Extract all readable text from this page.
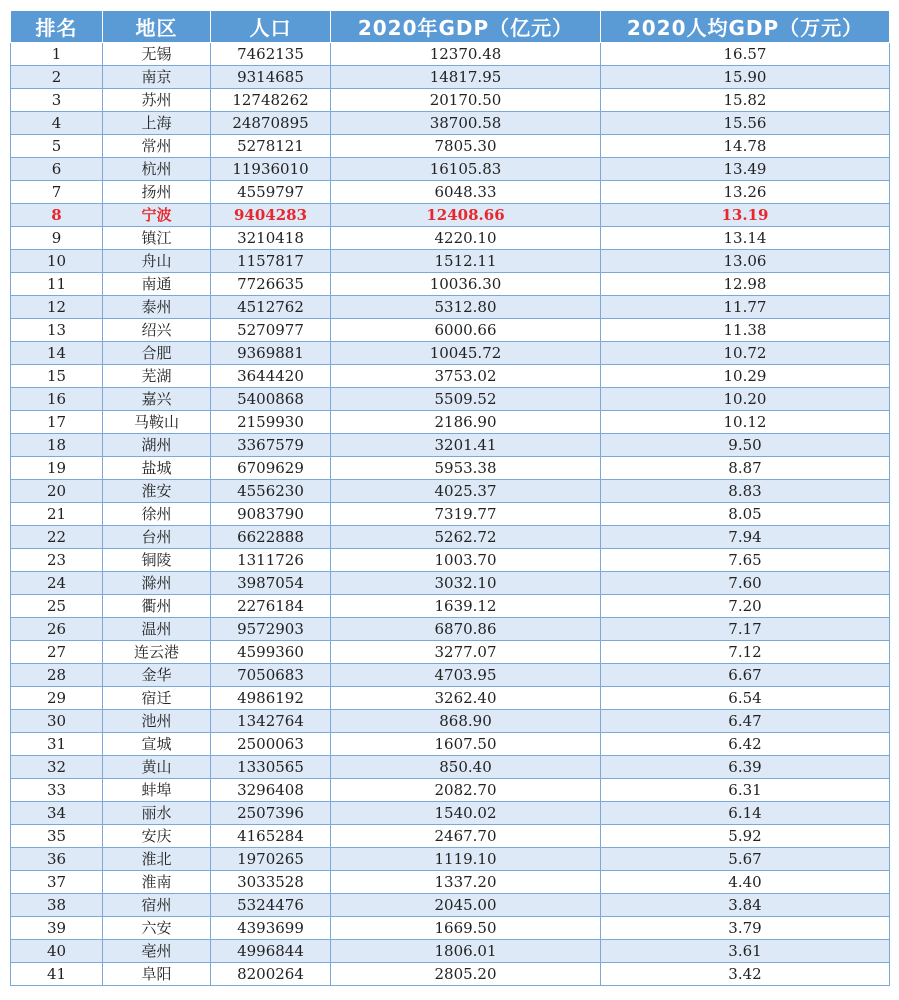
排名	地区	人口	2020年GDP（亿元）	2020人均GDP（万元）
1	无锡	7462135	12370.48	16.57
2	南京	9314685	14817.95	15.90
3	苏州	12748262	20170.50	15.82
4	上海	24870895	38700.58	15.56
5	常州	5278121	7805.30	14.78
6	杭州	11936010	16105.83	13.49
7	扬州	4559797	6048.33	13.26
8	宁波	9404283	12408.66	13.19
9	镇江	3210418	4220.10	13.14
10	舟山	1157817	1512.11	13.06
11	南通	7726635	10036.30	12.98
12	泰州	4512762	5312.80	11.77
13	绍兴	5270977	6000.66	11.38
14	合肥	9369881	10045.72	10.72
15	芜湖	3644420	3753.02	10.29
16	嘉兴	5400868	5509.52	10.20
17	马鞍山	2159930	2186.90	10.12
18	湖州	3367579	3201.41	9.50
19	盐城	6709629	5953.38	8.87
20	淮安	4556230	4025.37	8.83
21	徐州	9083790	7319.77	8.05
22	台州	6622888	5262.72	7.94
23	铜陵	1311726	1003.70	7.65
24	滁州	3987054	3032.10	7.60
25	衢州	2276184	1639.12	7.20
26	温州	9572903	6870.86	7.17
27	连云港	4599360	3277.07	7.12
28	金华	7050683	4703.95	6.67
29	宿迁	4986192	3262.40	6.54
30	池州	1342764	868.90	6.47
31	宣城	2500063	1607.50	6.42
32	黄山	1330565	850.40	6.39
33	蚌埠	3296408	2082.70	6.31
34	丽水	2507396	1540.02	6.14
35	安庆	4165284	2467.70	5.92
36	淮北	1970265	1119.10	5.67
37	淮南	3033528	1337.20	4.40
38	宿州	5324476	2045.00	3.84
39	六安	4393699	1669.50	3.79
40	亳州	4996844	1806.01	3.61
41	阜阳	8200264	2805.20	3.42
